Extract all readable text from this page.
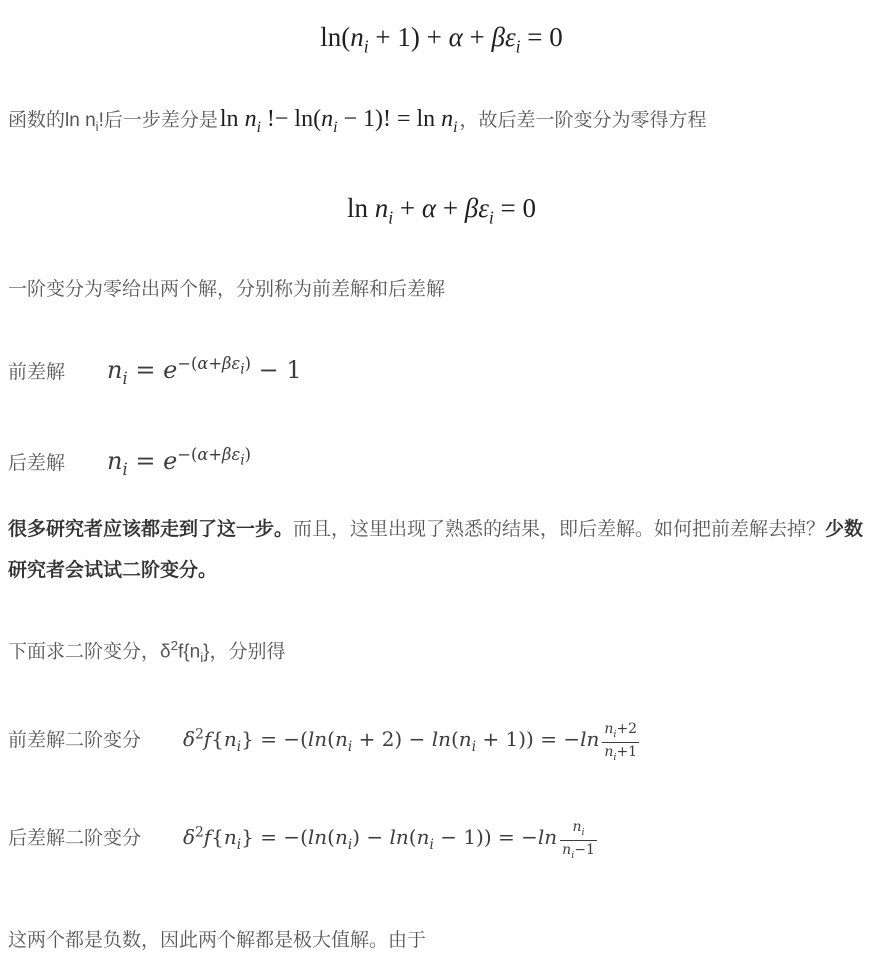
$\ln(n_i + 1) + \alpha + \beta\varepsilon_i = 0$

函数的$\ln n_i$!后一步差分是$\ln n_i$ !− $\ln(n_i - 1)$! = $\ln n_i$ ，故后差一阶变分为零得方程

$\ln n_i + \alpha + \beta\varepsilon_i = 0$

一阶变分为零给出两个解，分别称为前差解和后差解

前差解 $n_i = e^{-(\alpha+\beta\varepsilon_i)} - 1$

后差解 $n_i = e^{-(\alpha+\beta\varepsilon_i)}$

很多研究者应该都走到了这一步。而且，这里出现了熟悉的结果，即后差解。如何把前差解去掉？少数研究者会试试二阶变分。

下面求二阶变分，$\delta^2f\{n_i\}$，分别得

前差解二阶变分 $\delta^2f\{n_i\} = -(\ln(n_i + 2) - \ln(n_i + 1)) = -\ln \frac{n_i+2}{n_i+1}$

后差解二阶变分 $\delta^2f\{n_i\} = -(\ln(n_i) - \ln(n_i - 1)) = -\ln \frac{n_i}{n_i-1}$

这两个都是负数，因此两个解都是极大值解。由于
